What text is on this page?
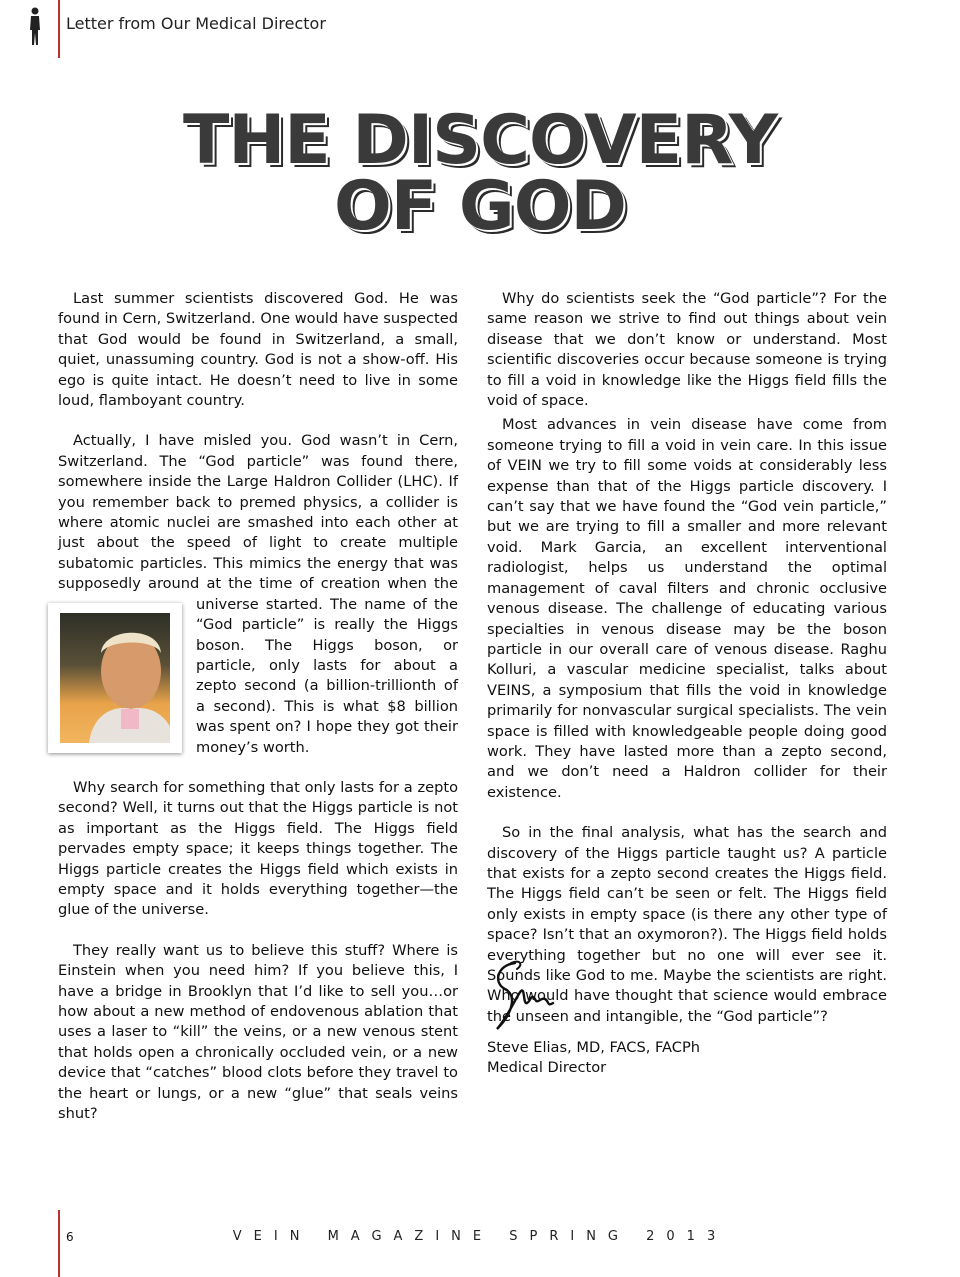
Letter from Our Medical Director
THE DISCOVERY
OF GOD

Last summer scientists discovered God. He was found in Cern, Switzerland. One would have suspected that God would be found in Switzerland, a small, quiet, unassuming country. God is not a show-off. His ego is quite intact. He doesn’t need to live in some loud, flamboyant country.

Actually, I have misled you. God wasn’t in Cern, Switzerland. The “God particle” was found there, somewhere inside the Large Haldron Collider (LHC). If you remember back to premed physics, a collider is where atomic nuclei are smashed into each other at just about the speed of light to create multiple subatomic particles. This mimics the energy that was supposedly around at the time of creation
when the universe started. The name of the “God particle” is really the Higgs boson. The Higgs boson, or particle, only lasts for about a zepto second (a billion-trillionth of a second). This is what $8 billion was spent on? I hope they got their money’s worth.

Why search for something that only lasts for a zepto second? Well, it turns out that the Higgs particle is not as important as the Higgs field. The Higgs field pervades empty space; it keeps things together. The Higgs particle creates the Higgs field which exists in empty space and it holds everything together—the glue of the universe.

They really want us to believe this stuff? Where is Einstein when you need him? If you believe this, I have a bridge in Brooklyn that I’d like to sell you…or how about a new method of endovenous ablation that uses a laser to “kill” the veins, or a new venous stent that holds open a chronically occluded vein, or a new device that “catches” blood clots before they travel to the heart or lungs, or a new “glue” that seals veins shut?

Why do scientists seek the “God particle”? For the same reason we strive to find out things about vein disease that we don’t know or understand. Most scientific discoveries occur because someone is trying to fill a void in knowledge like the Higgs field fills the void of space.

Most advances in vein disease have come from someone trying to fill a void in vein care. In this issue of VEIN we try to fill some voids at considerably less expense than that of the Higgs particle discovery. I can’t say that we have found the “God vein particle,” but we are trying to fill a smaller and more relevant void. Mark Garcia, an excellent interventional radiologist, helps us understand the optimal management of caval filters and chronic occlusive venous disease. The challenge of educating various specialties in venous disease may be the boson particle in our overall care of venous disease. Raghu Kolluri, a vascular medicine specialist, talks about VEINS, a symposium that fills the void in knowledge primarily for nonvascular surgical specialists. The vein space is filled with knowledgeable people doing good work. They have lasted more than a zepto second, and we don’t need a Haldron collider for their existence.

So in the final analysis, what has the search and discovery of the Higgs particle taught us? A particle that exists for a zepto second creates the Higgs field. The Higgs field can’t be seen or felt. The Higgs field only exists in empty space (is there any other type of space? Isn’t that an oxymoron?). The Higgs field holds everything together but no one will ever see it. Sounds like God to me. Maybe the scientists are right. Who would have thought that science would embrace the unseen and intangible, the “God particle”?

Steve Elias, MD, FACS, FACPh
Medical Director
6	VEIN MAGAZINE SPRING 2013
